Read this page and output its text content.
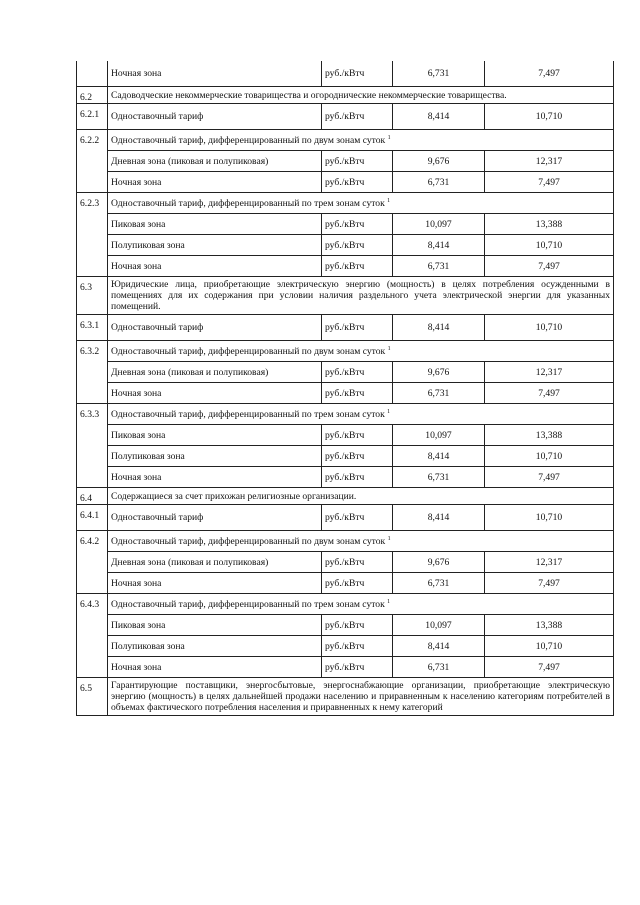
	Ночная зона	руб./кВтч	6,731	7,497
6.2	Садоводческие некоммерческие товарищества и огороднические некоммерческие товарищества.			
6.2.1	Одноставочный тариф	руб./кВтч	8,414	10,710
6.2.2	Одноставочный тариф, дифференцированный по двум зонам суток $^1$
	Дневная зона (пиковая и полупиковая)	руб./кВтч	9,676	12,317
	Ночная зона	руб./кВтч	6,731	7,497
6.2.3	Одноставочный тариф, дифференцированный по трем зонам суток $^1$
	Пиковая зона	руб./кВтч	10,097	13,388
	Полупиковая зона	руб./кВтч	8,414	10,710
	Ночная зона	руб./кВтч	6,731	7,497
6.3	Юридические лица, приобретающие электрическую энергию (мощность) в целях потребления осужденными в помещениях для их содержания при условии наличия раздельного учета электрической энергии для указанных помещений.			
6.3.1	Одноставочный тариф	руб./кВтч	8,414	10,710
6.3.2	Одноставочный тариф, дифференцированный по двум зонам суток $^1$
	Дневная зона (пиковая и полупиковая)	руб./кВтч	9,676	12,317
	Ночная зона	руб./кВтч	6,731	7,497
6.3.3	Одноставочный тариф, дифференцированный по трем зонам суток $^1$
	Пиковая зона	руб./кВтч	10,097	13,388
	Полупиковая зона	руб./кВтч	8,414	10,710
	Ночная зона	руб./кВтч	6,731	7,497
6.4	Содержащиеся за счет прихожан религиозные организации.			
6.4.1	Одноставочный тариф	руб./кВтч	8,414	10,710
6.4.2	Одноставочный тариф, дифференцированный по двум зонам суток $^1$
	Дневная зона (пиковая и полупиковая)	руб./кВтч	9,676	12,317
	Ночная зона	руб./кВтч	6,731	7,497
6.4.3	Одноставочный тариф, дифференцированный по трем зонам суток $^1$
	Пиковая зона	руб./кВтч	10,097	13,388
	Полупиковая зона	руб./кВтч	8,414	10,710
	Ночная зона	руб./кВтч	6,731	7,497
6.5	Гарантирующие поставщики, энергосбытовые, энергоснабжающие организации, приобретающие электрическую энергию (мощность) в целях дальнейшей продажи населению и приравненным к населению категориям потребителей в объемах фактического потребления населения и приравненных к нему категорий			
